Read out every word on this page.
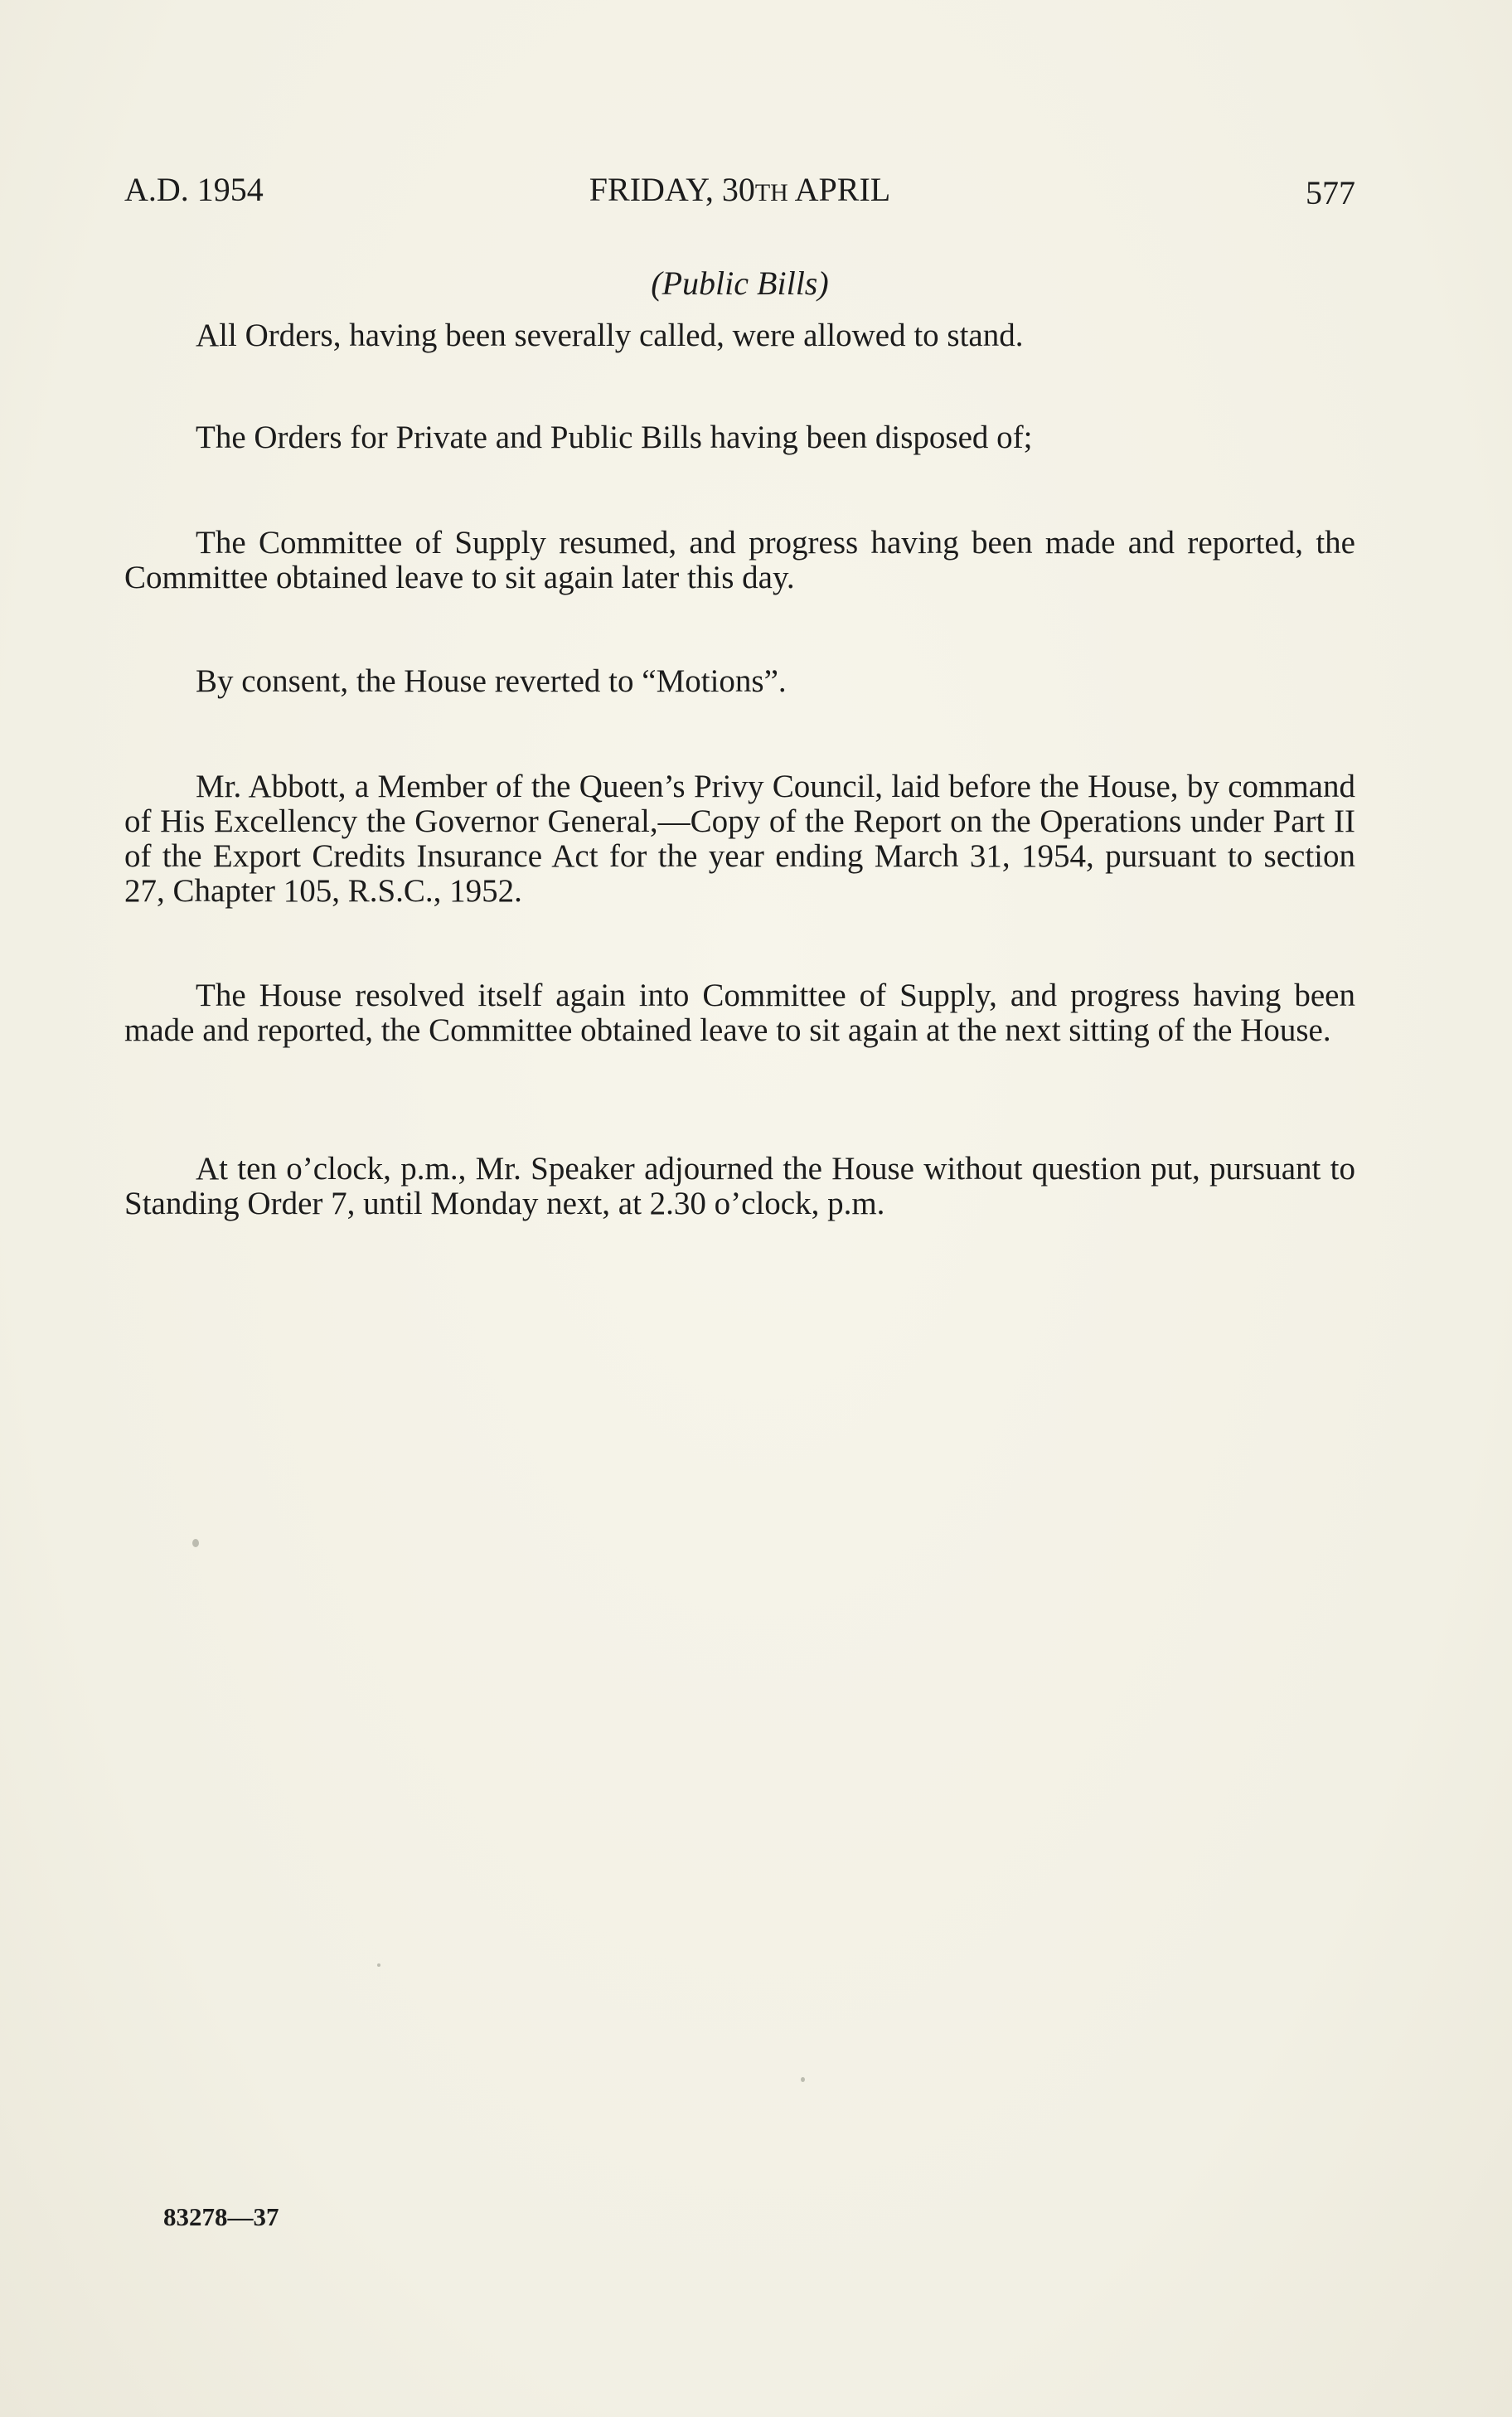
A.D. 1954	FRIDAY, 30TH APRIL	577
(Public Bills)

All Orders, having been severally called, were allowed to stand.

The Orders for Private and Public Bills having been disposed of;

The Committee of Supply resumed, and progress having been made and reported, the Committee obtained leave to sit again later this day.

By consent, the House reverted to “Motions”.

Mr. Abbott, a Member of the Queen’s Privy Council, laid before the House, by command of His Excellency the Governor General,—Copy of the Report on the Operations under Part II of the Export Credits Insurance Act for the year ending March 31, 1954, pursuant to section 27, Chapter 105, R.S.C., 1952.

The House resolved itself again into Committee of Supply, and progress having been made and reported, the Committee obtained leave to sit again at the next sitting of the House.

At ten o’clock, p.m., Mr. Speaker adjourned the House without question put, pursuant to Standing Order 7, until Monday next, at 2.30 o’clock, p.m.

83278—37
